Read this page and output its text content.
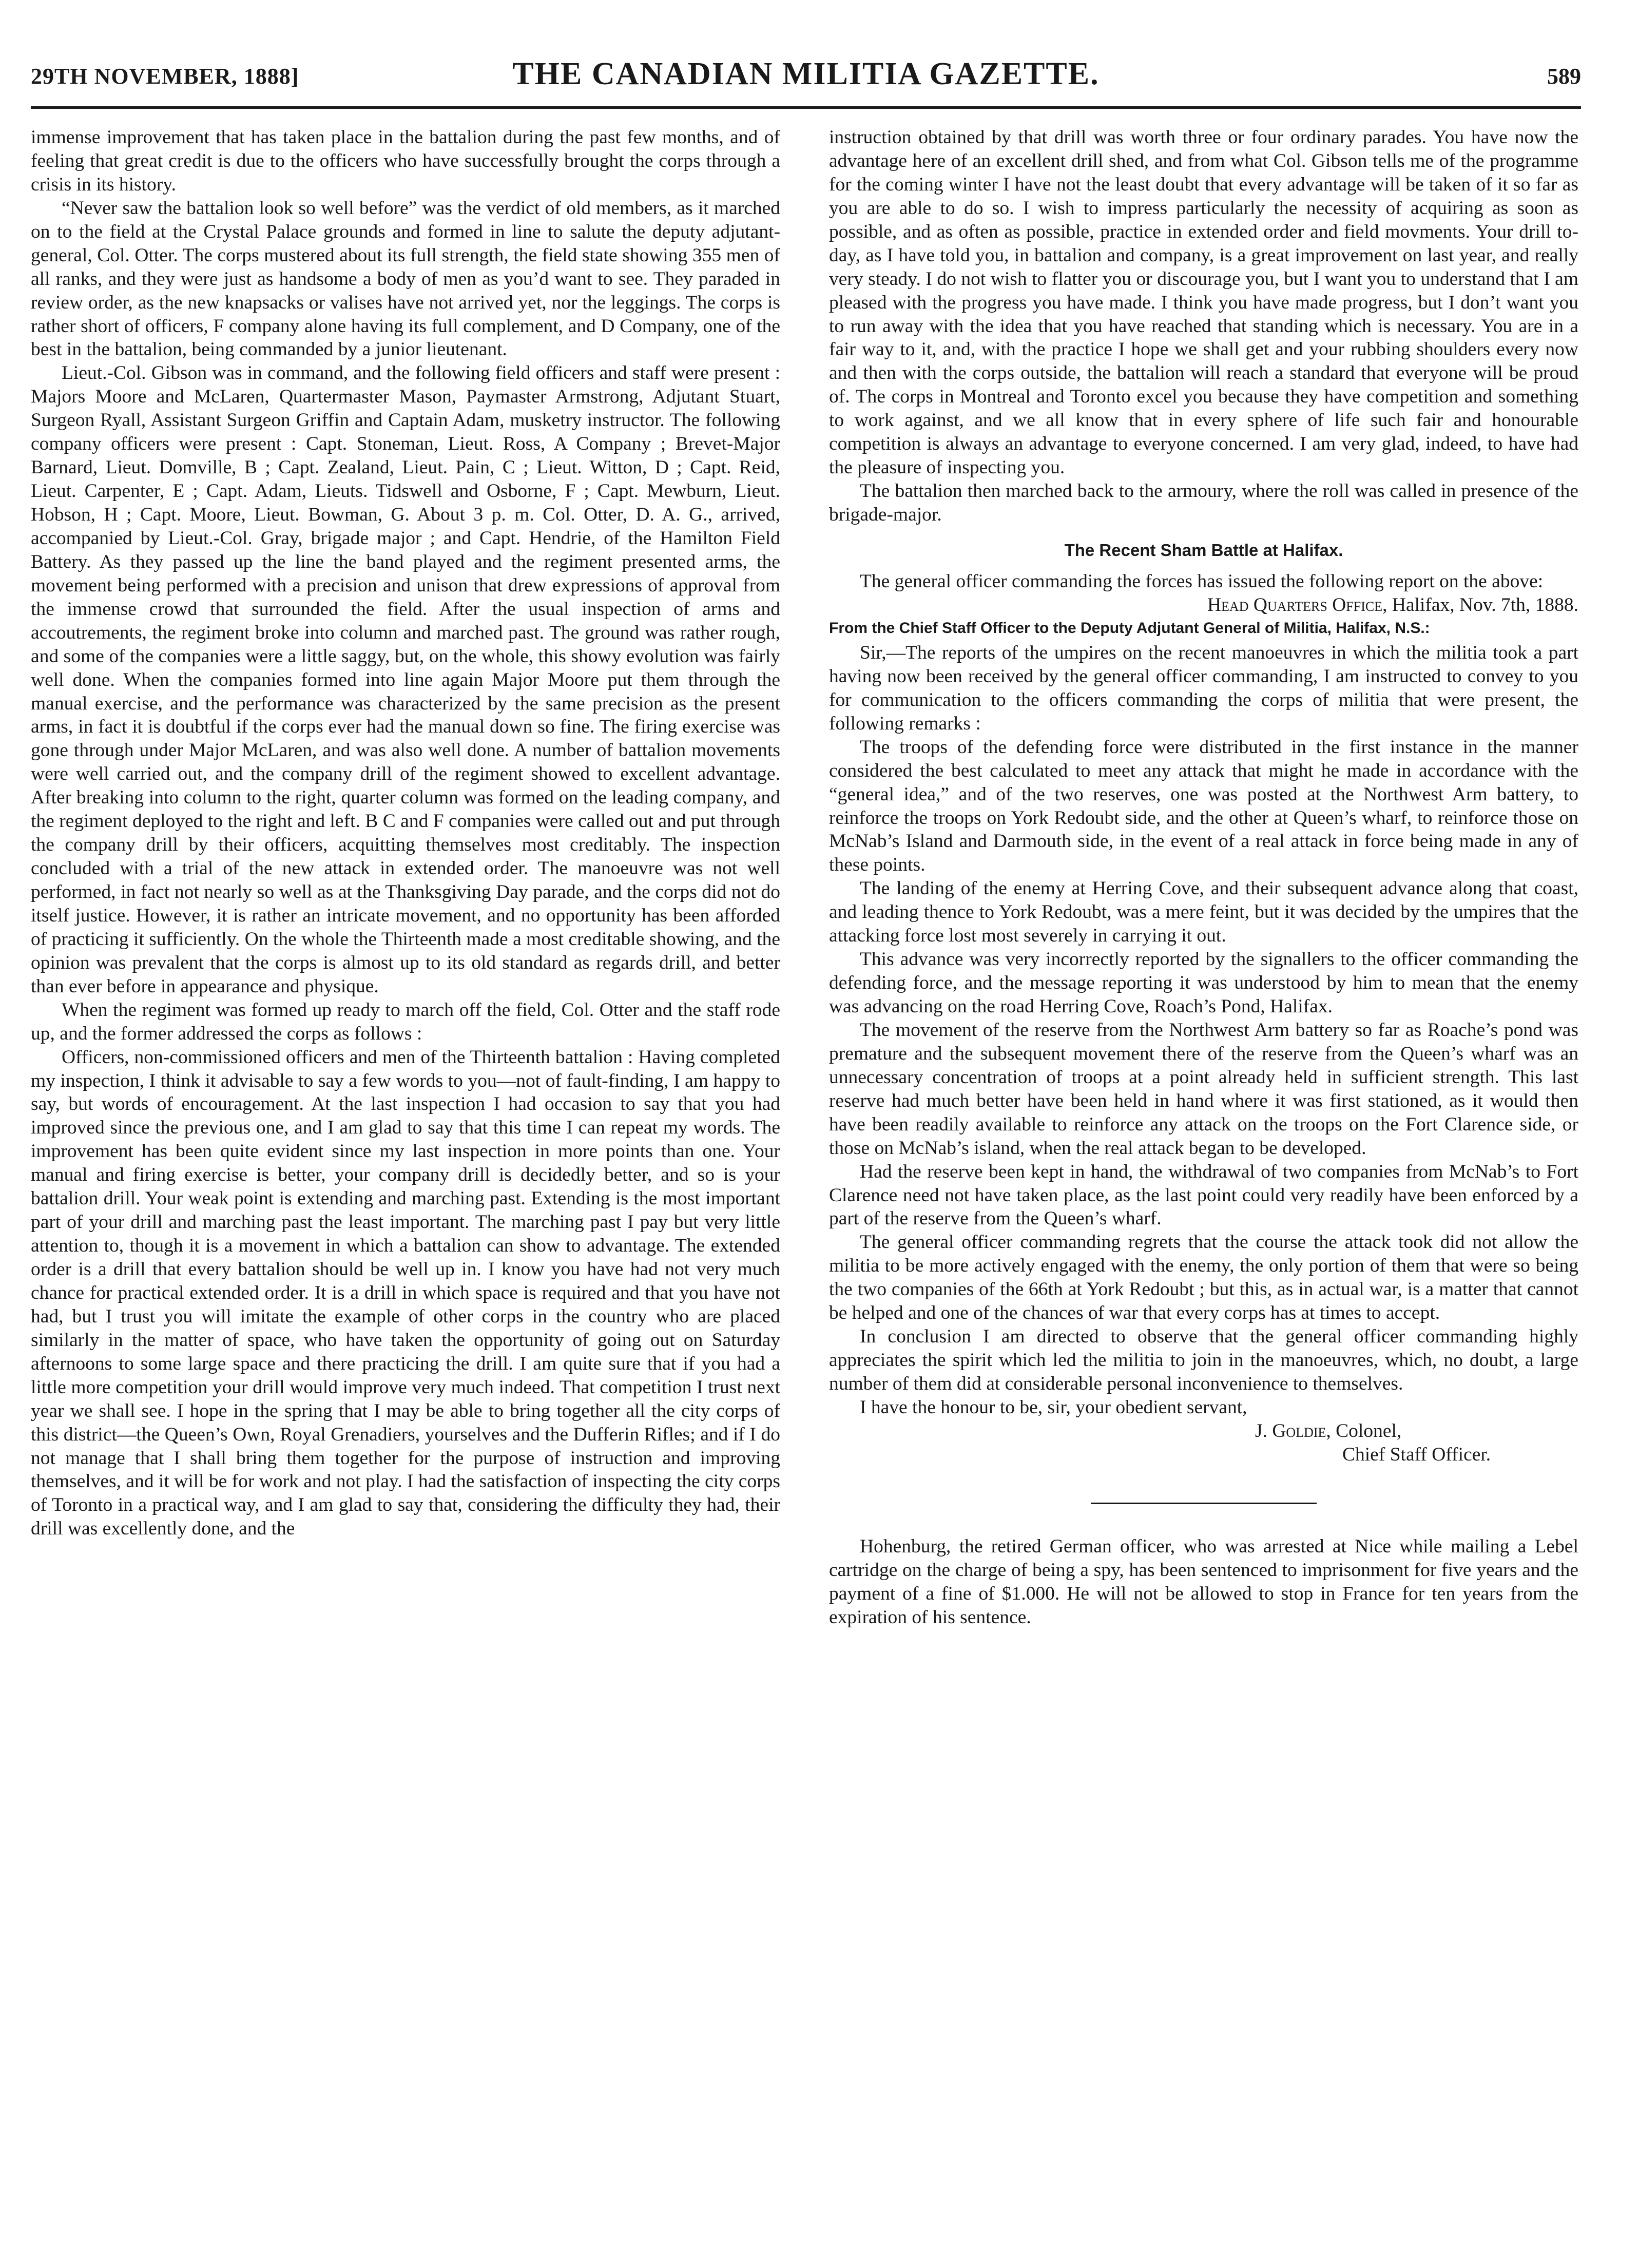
29TH NOVEMBER, 1888]	THE CANADIAN MILITIA GAZETTE.	589

immense improvement that has taken place in the battalion during the past few months, and of feeling that great credit is due to the officers who have successfully brought the corps through a crisis in its history.

“Never saw the battalion look so well before” was the verdict of old members, as it marched on to the field at the Crystal Palace grounds and formed in line to salute the deputy adjutant-general, Col. Otter. The corps mustered about its full strength, the field state showing 355 men of all ranks, and they were just as handsome a body of men as you’d want to see. They paraded in review order, as the new knapsacks or valises have not arrived yet, nor the leggings. The corps is rather short of officers, F company alone having its full complement, and D Company, one of the best in the battalion, being commanded by a junior lieutenant.

Lieut.-Col. Gibson was in command, and the following field officers and staff were present : Majors Moore and McLaren, Quartermaster Mason, Paymaster Armstrong, Adjutant Stuart, Surgeon Ryall, Assistant Surgeon Griffin and Captain Adam, musketry instructor. The following company officers were present : Capt. Stoneman, Lieut. Ross, A Company ; Brevet-Major Barnard, Lieut. Domville, B ; Capt. Zealand, Lieut. Pain, C ; Lieut. Witton, D ; Capt. Reid, Lieut. Carpenter, E ; Capt. Adam, Lieuts. Tidswell and Osborne, F ; Capt. Mewburn, Lieut. Hobson, H ; Capt. Moore, Lieut. Bowman, G. About 3 p. m. Col. Otter, D. A. G., arrived, accompanied by Lieut.-Col. Gray, brigade major ; and Capt. Hendrie, of the Hamilton Field Battery. As they passed up the line the band played and the regiment presented arms, the movement being performed with a precision and unison that drew expressions of approval from the immense crowd that surrounded the field. After the usual inspection of arms and accoutrements, the regiment broke into column and marched past. The ground was rather rough, and some of the companies were a little saggy, but, on the whole, this showy evolution was fairly well done. When the companies formed into line again Major Moore put them through the manual exercise, and the performance was characterized by the same precision as the present arms, in fact it is doubtful if the corps ever had the manual down so fine. The firing exercise was gone through under Major McLaren, and was also well done. A number of battalion movements were well carried out, and the company drill of the regiment showed to excellent advantage. After breaking into column to the right, quarter column was formed on the leading company, and the regiment deployed to the right and left. B C and F companies were called out and put through the company drill by their officers, acquitting themselves most creditably. The inspection concluded with a trial of the new attack in extended order. The manoeuvre was not well performed, in fact not nearly so well as at the Thanksgiving Day parade, and the corps did not do itself justice. However, it is rather an intricate movement, and no opportunity has been afforded of practicing it sufficiently. On the whole the Thirteenth made a most creditable showing, and the opinion was prevalent that the corps is almost up to its old standard as regards drill, and better than ever before in appearance and physique.

When the regiment was formed up ready to march off the field, Col. Otter and the staff rode up, and the former addressed the corps as follows :

Officers, non-commissioned officers and men of the Thirteenth battalion : Having completed my inspection, I think it advisable to say a few words to you—not of fault-finding, I am happy to say, but words of encouragement. At the last inspection I had occasion to say that you had improved since the previous one, and I am glad to say that this time I can repeat my words. The improvement has been quite evident since my last inspection in more points than one. Your manual and firing exercise is better, your company drill is decidedly better, and so is your battalion drill. Your weak point is extending and marching past. Extending is the most important part of your drill and marching past the least important. The marching past I pay but very little attention to, though it is a movement in which a battalion can show to advantage. The extended order is a drill that every battalion should be well up in. I know you have had not very much chance for practical extended order. It is a drill in which space is required and that you have not had, but I trust you will imitate the example of other corps in the country who are placed similarly in the matter of space, who have taken the opportunity of going out on Saturday afternoons to some large space and there practicing the drill. I am quite sure that if you had a little more competition your drill would improve very much indeed. That competition I trust next year we shall see. I hope in the spring that I may be able to bring together all the city corps of this district—the Queen’s Own, Royal Grenadiers, yourselves and the Dufferin Rifles; and if I do not manage that I shall bring them together for the purpose of instruction and improving themselves, and it will be for work and not play. I had the satisfaction of inspecting the city corps of Toronto in a practical way, and I am glad to say that, considering the difficulty they had, their drill was excellently done, and the

instruction obtained by that drill was worth three or four ordinary parades. You have now the advantage here of an excellent drill shed, and from what Col. Gibson tells me of the programme for the coming winter I have not the least doubt that every advantage will be taken of it so far as you are able to do so. I wish to impress particularly the necessity of acquiring as soon as possible, and as often as possible, practice in extended order and field movments. Your drill to-day, as I have told you, in battalion and company, is a great improvement on last year, and really very steady. I do not wish to flatter you or discourage you, but I want you to understand that I am pleased with the progress you have made. I think you have made progress, but I don’t want you to run away with the idea that you have reached that standing which is necessary. You are in a fair way to it, and, with the practice I hope we shall get and your rubbing shoulders every now and then with the corps outside, the battalion will reach a standard that everyone will be proud of. The corps in Montreal and Toronto excel you because they have competition and something to work against, and we all know that in every sphere of life such fair and honourable competition is always an advantage to everyone concerned. I am very glad, indeed, to have had the pleasure of inspecting you.

The battalion then marched back to the armoury, where the roll was called in presence of the brigade-major.

The Recent Sham Battle at Halifax.

The general officer commanding the forces has issued the following report on the above:

Head Quarters Office, Halifax, Nov. 7th, 1888.

From the Chief Staff Officer to the Deputy Adjutant General of Militia, Halifax, N.S.:

Sir,—The reports of the umpires on the recent manoeuvres in which the militia took a part having now been received by the general officer commanding, I am instructed to convey to you for communication to the officers commanding the corps of militia that were present, the following remarks :

The troops of the defending force were distributed in the first instance in the manner considered the best calculated to meet any attack that might he made in accordance with the “general idea,” and of the two reserves, one was posted at the Northwest Arm battery, to reinforce the troops on York Redoubt side, and the other at Queen’s wharf, to reinforce those on McNab’s Island and Darmouth side, in the event of a real attack in force being made in any of these points.

The landing of the enemy at Herring Cove, and their subsequent advance along that coast, and leading thence to York Redoubt, was a mere feint, but it was decided by the umpires that the attacking force lost most severely in carrying it out.

This advance was very incorrectly reported by the signallers to the officer commanding the defending force, and the message reporting it was understood by him to mean that the enemy was advancing on the road Herring Cove, Roach’s Pond, Halifax.

The movement of the reserve from the Northwest Arm battery so far as Roache’s pond was premature and the subsequent movement there of the reserve from the Queen’s wharf was an unnecessary concentration of troops at a point already held in sufficient strength. This last reserve had much better have been held in hand where it was first stationed, as it would then have been readily available to reinforce any attack on the troops on the Fort Clarence side, or those on McNab’s island, when the real attack began to be developed.

Had the reserve been kept in hand, the withdrawal of two companies from McNab’s to Fort Clarence need not have taken place, as the last point could very readily have been enforced by a part of the reserve from the Queen’s wharf.

The general officer commanding regrets that the course the attack took did not allow the militia to be more actively engaged with the enemy, the only portion of them that were so being the two companies of the 66th at York Redoubt ; but this, as in actual war, is a matter that cannot be helped and one of the chances of war that every corps has at times to accept.

In conclusion I am directed to observe that the general officer commanding highly appreciates the spirit which led the militia to join in the manoeuvres, which, no doubt, a large number of them did at considerable personal inconvenience to themselves.

I have the honour to be, sir, your obedient servant,

J. Goldie, Colonel,

Chief Staff Officer.

Hohenburg, the retired German officer, who was arrested at Nice while mailing a Lebel cartridge on the charge of being a spy, has been sentenced to imprisonment for five years and the payment of a fine of $1.000. He will not be allowed to stop in France for ten years from the expiration of his sentence.
